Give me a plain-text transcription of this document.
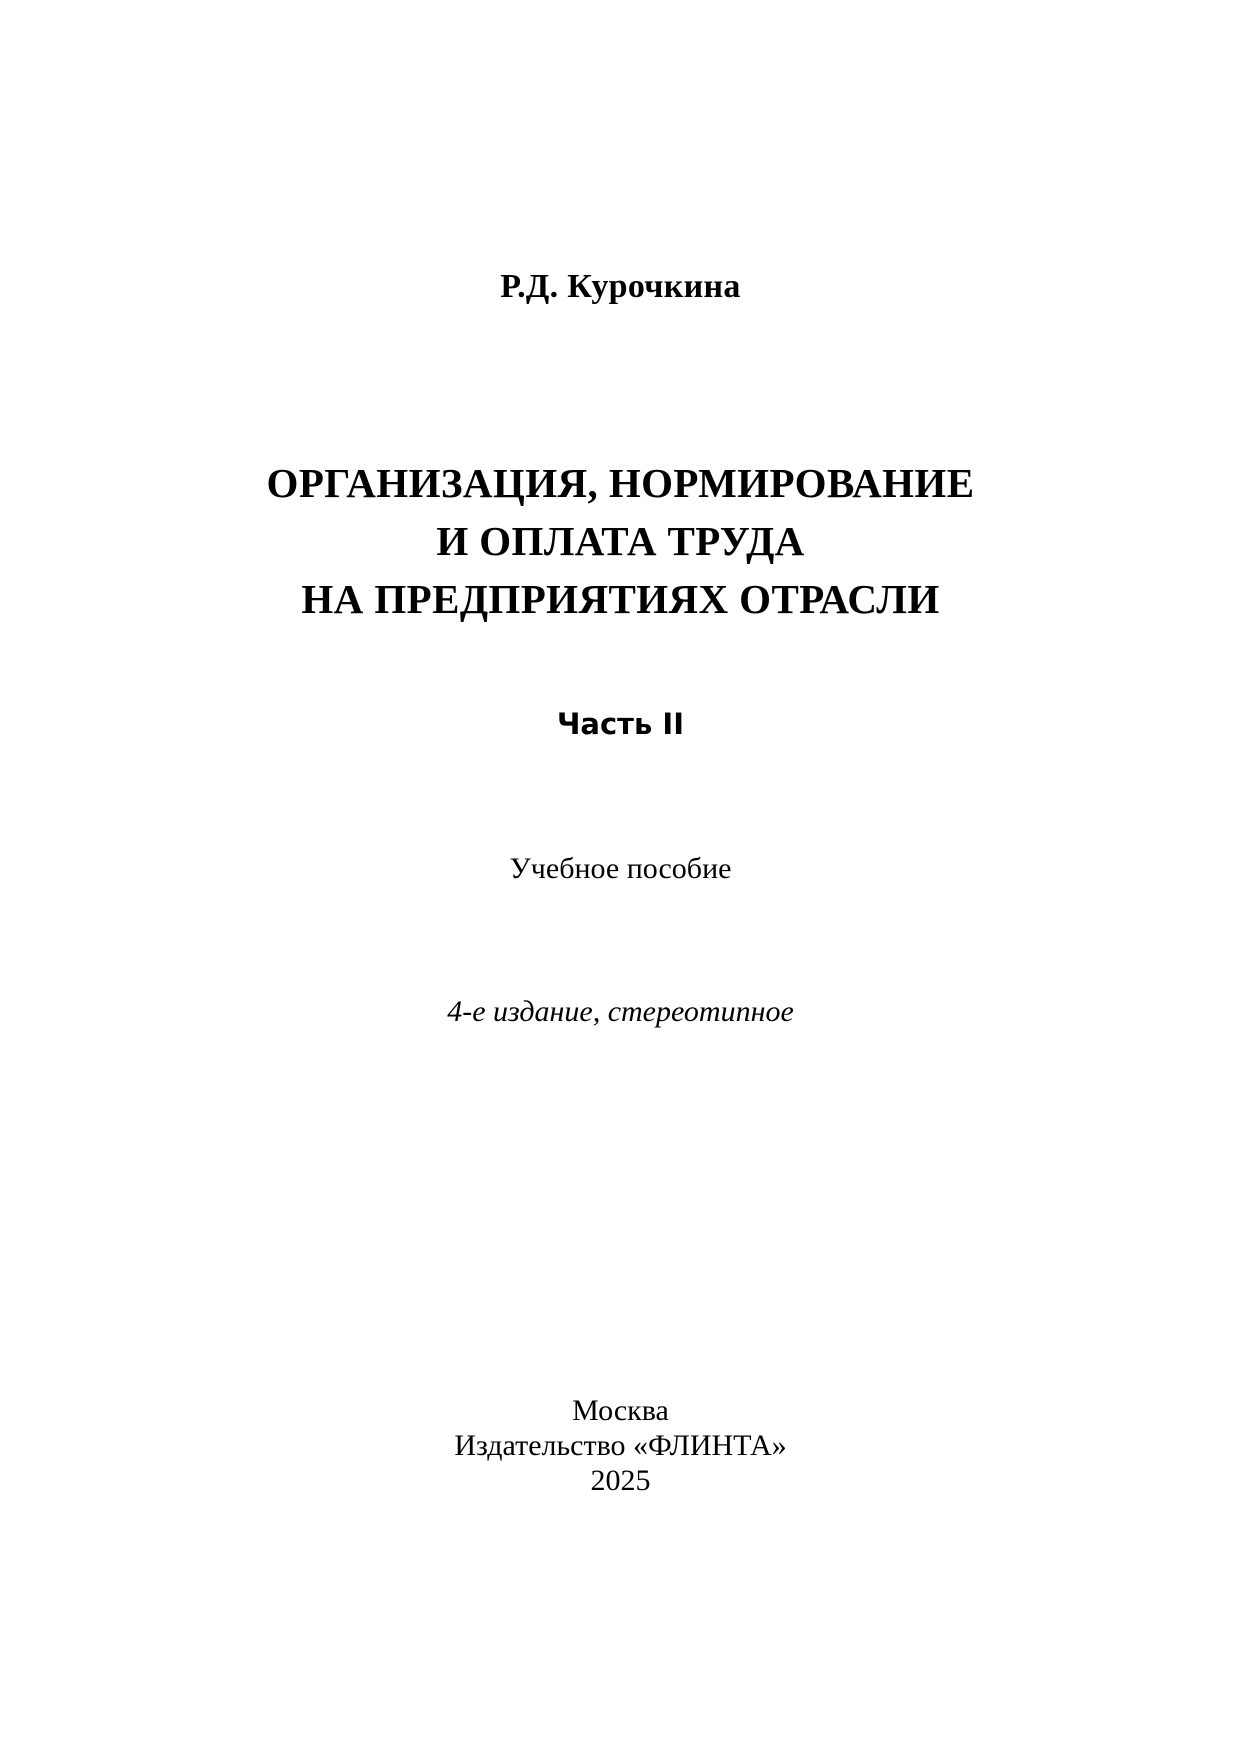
Р.Д. Курочкина
ОРГАНИЗАЦИЯ, НОРМИРОВАНИЕ
И ОПЛАТА ТРУДА
НА ПРЕДПРИЯТИЯХ ОТРАСЛИ
Часть II
Учебное пособие
4-е издание, стереотипное
Москва
Издательство «ФЛИНТА»
2025
